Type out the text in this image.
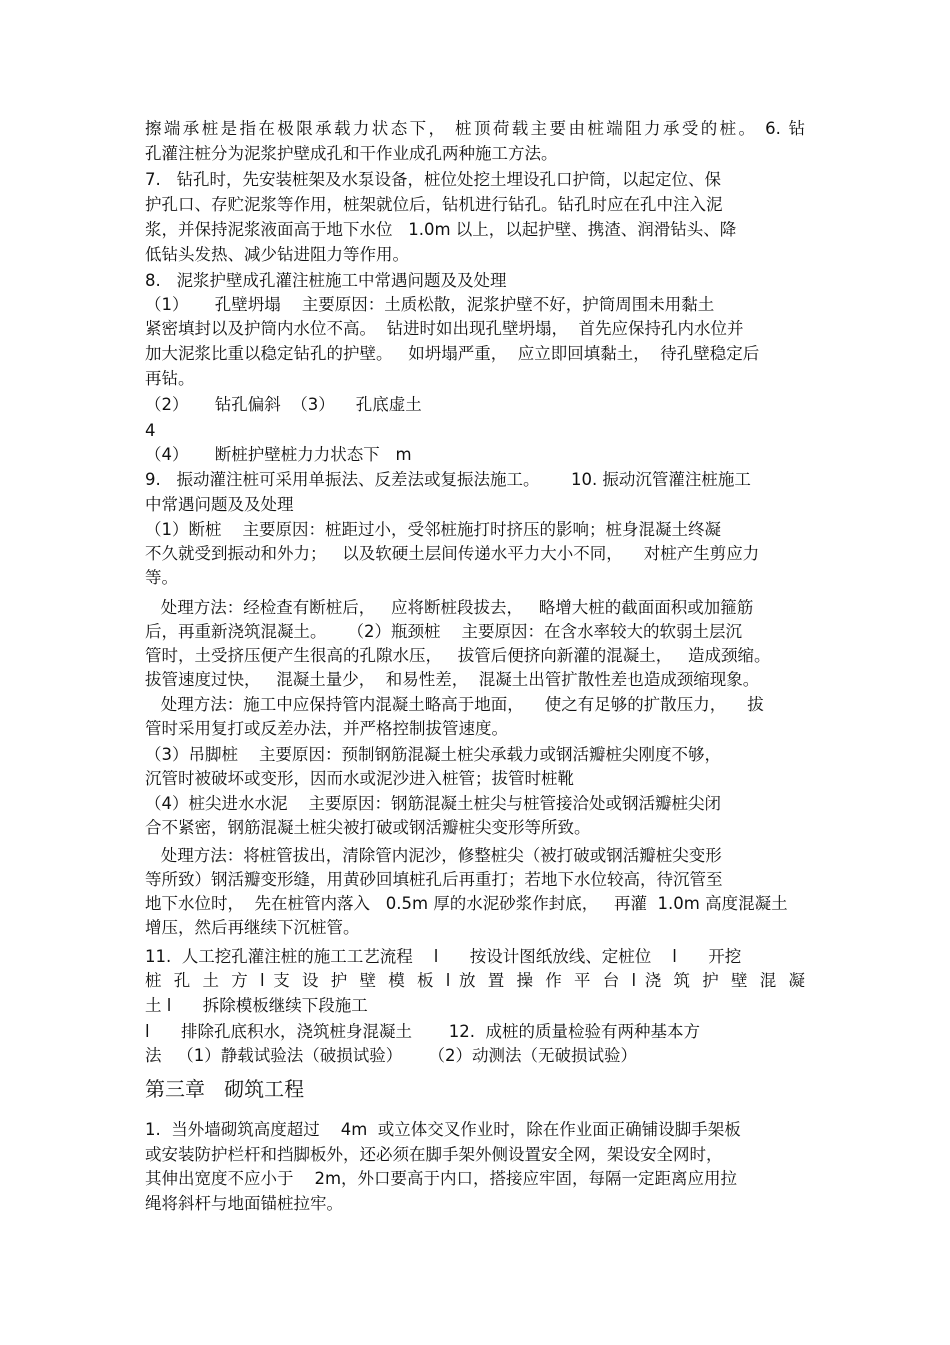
擦端承桩是指在极限承载力状态下， 桩顶荷载主要由桩端阻力承受的桩。 6. 钻

孔灌注桩分为泥浆护壁成孔和干作业成孔两种施工方法。

7.   钻孔时，先安装桩架及水泵设备，桩位处挖土埋设孔口护筒，以起定位、保

护孔口、存贮泥浆等作用，桩架就位后，钻机进行钻孔。钻孔时应在孔中注入泥

浆，并保持泥浆液面高于地下水位   1.0m 以上，以起护壁、携渣、润滑钻头、降

低钻头发热、减少钻进阻力等作用。

8.   泥浆护壁成孔灌注桩施工中常遇问题及及处理

（1）     孔壁坍塌    主要原因：土质松散，泥浆护壁不好，护筒周围未用黏土

紧密填封以及护筒内水位不高。  钻进时如出现孔壁坍塌，  首先应保持孔内水位并

加大泥浆比重以稳定钻孔的护壁。   如坍塌严重，  应立即回填黏土，  待孔壁稳定后

再钻。

（2）     钻孔偏斜  （3）    孔底虚土

4

（4）     断桩护壁桩力力状态下   m

9.   振动灌注桩可采用单振法、反差法或复振法施工。      10. 振动沉管灌注桩施工

中常遇问题及及处理

（1）断桩    主要原因：桩距过小，受邻桩施打时挤压的影响；桩身混凝土终凝

不久就受到振动和外力；   以及软硬土层间传递水平力大小不同，    对桩产生剪应力

等。

处理方法：经检查有断桩后，   应将断桩段拔去，   略增大桩的截面面积或加箍筋

后，再重新浇筑混凝土。    （2）瓶颈桩    主要原因：在含水率较大的软弱土层沉

管时，土受挤压便产生很高的孔隙水压，   拔管后便挤向新灌的混凝土，   造成颈缩。

拔管速度过快，   混凝土量少，  和易性差，  混凝土出管扩散性差也造成颈缩现象。

处理方法：施工中应保持管内混凝土略高于地面，    使之有足够的扩散压力，    拔

管时采用复打或反差办法，并严格控制拔管速度。

（3）吊脚桩    主要原因：预制钢筋混凝土桩尖承载力或钢活瓣桩尖刚度不够，

沉管时被破坏或变形，因而水或泥沙进入桩管；拔管时桩靴

（4）桩尖进水水泥    主要原因：钢筋混凝土桩尖与桩管接洽处或钢活瓣桩尖闭

合不紧密，钢筋混凝土桩尖被打破或钢活瓣桩尖变形等所致。

处理方法：将桩管拔出，清除管内泥沙，修整桩尖（被打破或钢活瓣桩尖变形

等所致）钢活瓣变形缝，用黄砂回填桩孔后再重打；若地下水位较高，待沉管至

地下水位时，  先在桩管内落入   0.5m 厚的水泥砂浆作封底，   再灌  1.0m 高度混凝土

增压，然后再继续下沉桩管。

11.  人工挖孔灌注桩的施工工艺流程    l      按设计图纸放线、定桩位    l      开挖

桩 孔 土 方 l 支 设 护 壁 模 板 l 放 置 操 作 平 台 l 浇 筑 护 壁 混 凝

土 l      拆除模板继续下段施工

l      排除孔底积水，浇筑桩身混凝土       12.  成桩的质量检验有两种基本方

法   （1）静载试验法（破损试验）     （2）动测法（无破损试验）

第三章   砌筑工程

1.  当外墙砌筑高度超过    4m  或立体交叉作业时，除在作业面正确铺设脚手架板

或安装防护栏杆和挡脚板外，还必须在脚手架外侧设置安全网，架设安全网时，

其伸出宽度不应小于    2m，外口要高于内口，搭接应牢固，每隔一定距离应用拉

绳将斜杆与地面锚桩拉牢。
